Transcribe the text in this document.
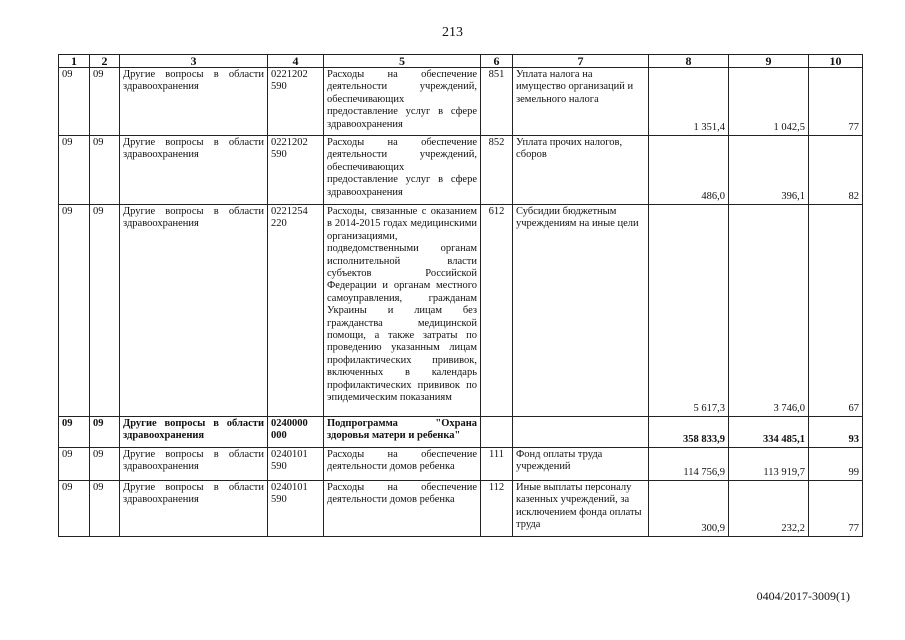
213
1	2	3	4	5	6	7	8	9	10
09	09	Другие вопросы в области здравоохранения	0221202 590	Расходы на обеспечение деятельности учреждений, обеспечивающих предоставление услуг в сфере здравоохранения	851	Уплата налога на имущество организаций и земельного налога	1 351,4	1 042,5	77
09	09	Другие вопросы в области здравоохранения	0221202 590	Расходы на обеспечение деятельности учреждений, обеспечивающих предоставление услуг в сфере здравоохранения	852	Уплата прочих налогов, сборов	486,0	396,1	82
09	09	Другие вопросы в области здравоохранения	0221254 220	Расходы, связанные с оказанием в 2014-2015 годах медицинскими организациями, подведомственными органам исполнительной власти субъектов Российской Федерации и органам местного самоуправления, гражданам Украины и лицам без гражданства медицинской помощи, а также затраты по проведению указанным лицам профилактических прививок, включенных в календарь профилактических прививок по эпидемическим показаниям	612	Субсидии бюджетным учреждениям на иные цели	5 617,3	3 746,0	67
09	09	Другие вопросы в области здравоохранения	0240000 000	Подпрограмма "Охрана здоровья матери и ребенка"			358 833,9	334 485,1	93
09	09	Другие вопросы в области здравоохранения	0240101 590	Расходы на обеспечение деятельности домов ребенка	111	Фонд оплаты труда учреждений	114 756,9	113 919,7	99
09	09	Другие вопросы в области здравоохранения	0240101 590	Расходы на обеспечение деятельности домов ребенка	112	Иные выплаты персоналу казенных учреждений, за исключением фонда оплаты труда	300,9	232,2	77
0404/2017-3009(1)
